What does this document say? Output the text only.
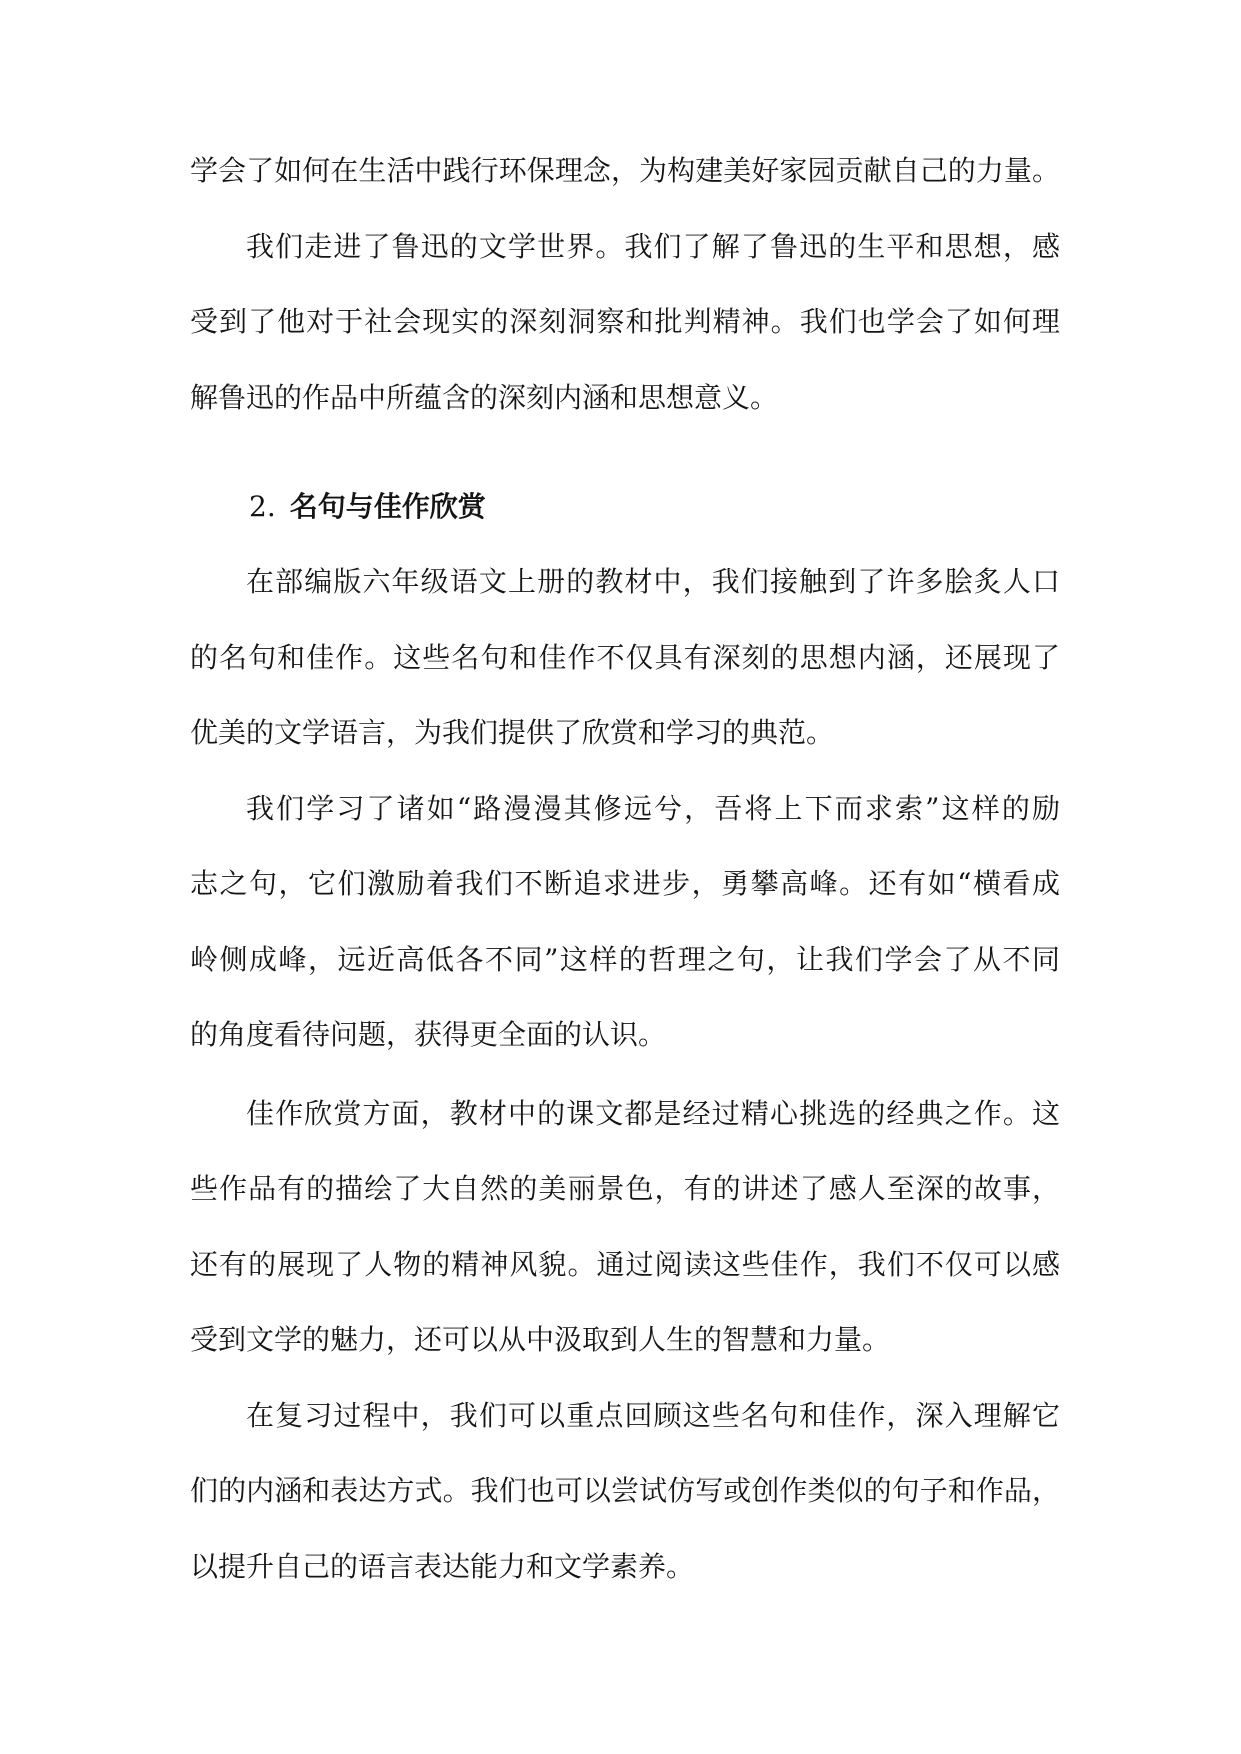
学会了如何在生活中践行环保理念，为构建美好家园贡献自己的力量。
我们走进了鲁迅的文学世界。我们了解了鲁迅的生平和思想，感
受到了他对于社会现实的深刻洞察和批判精神。我们也学会了如何理
解鲁迅的作品中所蕴含的深刻内涵和思想意义。
2. 名句与佳作欣赏
在部编版六年级语文上册的教材中，我们接触到了许多脍炙人口
的名句和佳作。这些名句和佳作不仅具有深刻的思想内涵，还展现了
优美的文学语言，为我们提供了欣赏和学习的典范。
我们学习了诸如“路漫漫其修远兮，吾将上下而求索”这样的励
志之句，它们激励着我们不断追求进步，勇攀高峰。还有如“横看成
岭侧成峰，远近高低各不同”这样的哲理之句，让我们学会了从不同
的角度看待问题，获得更全面的认识。
佳作欣赏方面，教材中的课文都是经过精心挑选的经典之作。这
些作品有的描绘了大自然的美丽景色，有的讲述了感人至深的故事，
还有的展现了人物的精神风貌。通过阅读这些佳作，我们不仅可以感
受到文学的魅力，还可以从中汲取到人生的智慧和力量。
在复习过程中，我们可以重点回顾这些名句和佳作，深入理解它
们的内涵和表达方式。我们也可以尝试仿写或创作类似的句子和作品，
以提升自己的语言表达能力和文学素养。
